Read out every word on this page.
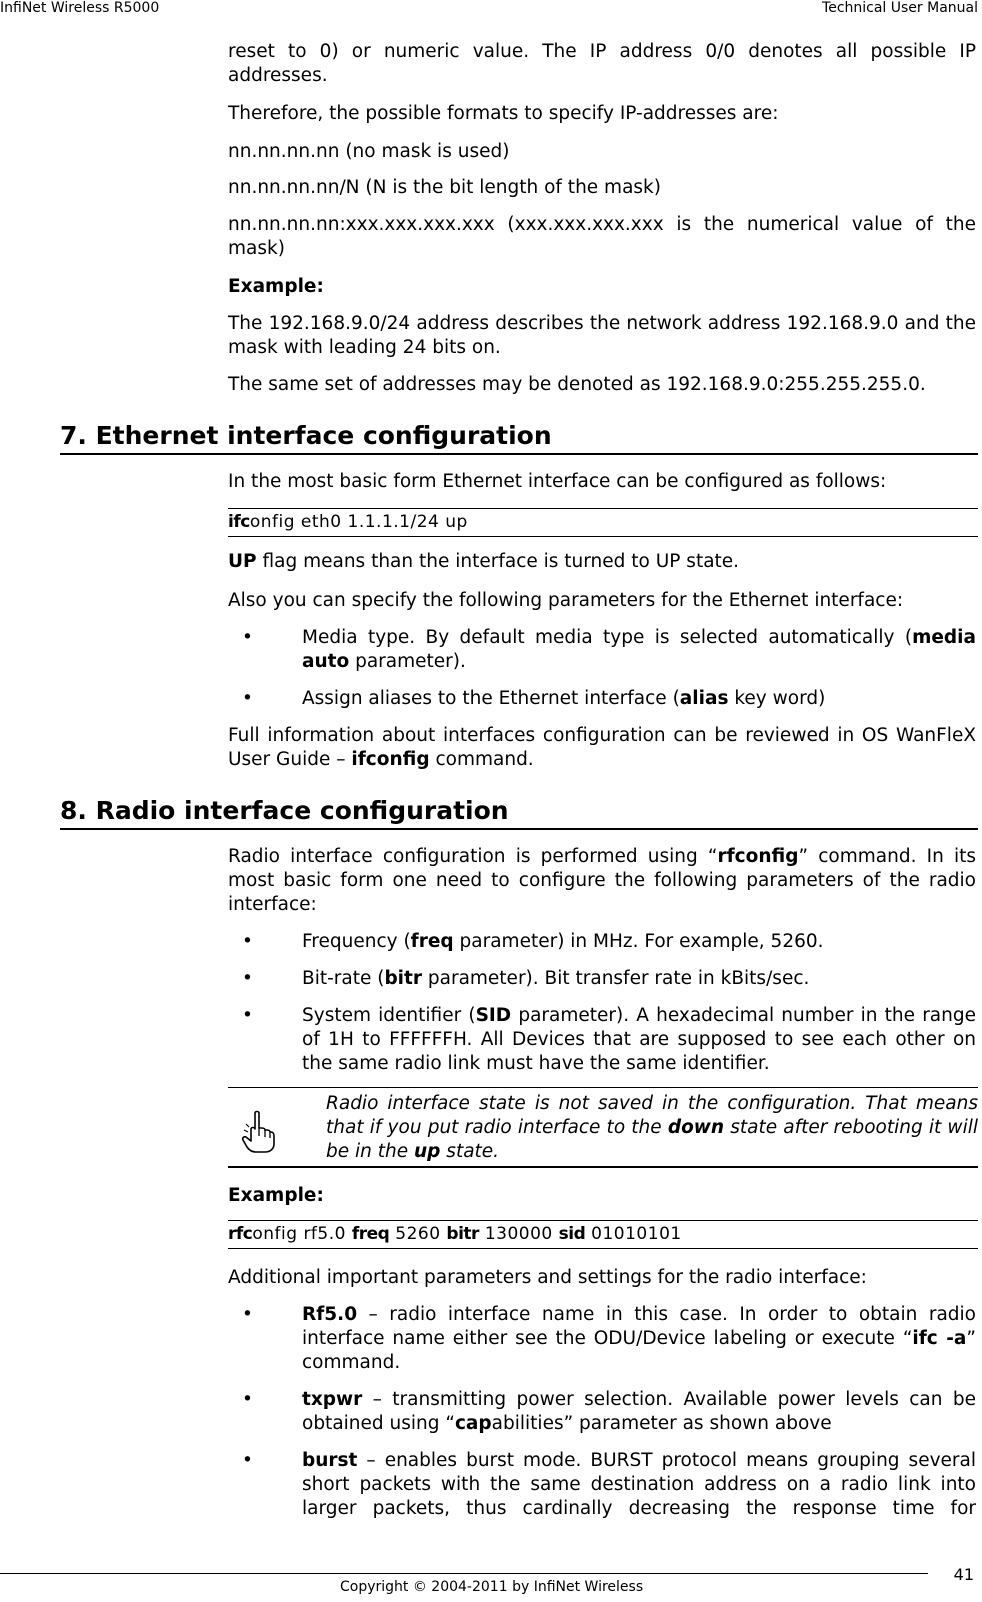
InfiNet Wireless R5000	Technical User Manual

reset to 0) or numeric value. The IP address 0/0 denotes all possible IP

addresses.

Therefore, the possible formats to specify IP-addresses are:

nn.nn.nn.nn (no mask is used)

nn.nn.nn.nn/N (N is the bit length of the mask)

nn.nn.nn.nn:xxx.xxx.xxx.xxx (xxx.xxx.xxx.xxx is the numerical value of the

mask)

Example:

The 192.168.9.0/24 address describes the network address 192.168.9.0 and the

mask with leading 24 bits on.

The same set of addresses may be denoted as 192.168.9.0:255.255.255.0.

7. Ethernet interface configuration

In the most basic form Ethernet interface can be configured as follows:

ifconfig eth0 1.1.1.1/24 up

UP flag means than the interface is turned to UP state.

Also you can specify the following parameters for the Ethernet interface:

•	Media type. By default media type is selected automatically (media
auto parameter).
•	Assign aliases to the Ethernet interface (alias key word)

Full information about interfaces configuration can be reviewed in OS WanFleX

User Guide – ifconfig command.

8. Radio interface configuration

Radio interface configuration is performed using “rfconfig” command. In its

most basic form one need to configure the following parameters of the radio

interface:

•	Frequency (freq parameter) in MHz. For example, 5260.
•	Bit-rate (bitr parameter). Bit transfer rate in kBits/sec.
•	System identifier (SID parameter). A hexadecimal number in the range of 1H to FFFFFFH. All Devices that are supposed to see each other on the same radio link must have the same identifier.
Radio interface state is not saved in the configuration. That means that if you put radio interface to the down state after rebooting it will be in the up state.

Example:

rfconfig rf5.0 freq 5260 bitr 130000 sid 01010101

Additional important parameters and settings for the radio interface:

•	Rf5.0 – radio interface name in this case. In order to obtain radio interface name either see the ODU/Device labeling or execute “ifc -a” command.
•	txpwr – transmitting power selection. Available power levels can be obtained using “capabilities” parameter as shown above
•	burst – enables burst mode. BURST protocol means grouping several short packets with the same destination address on a radio link into larger packets, thus cardinally decreasing the response time for
Copyright © 2004-2011 by InfiNet Wireless
41
